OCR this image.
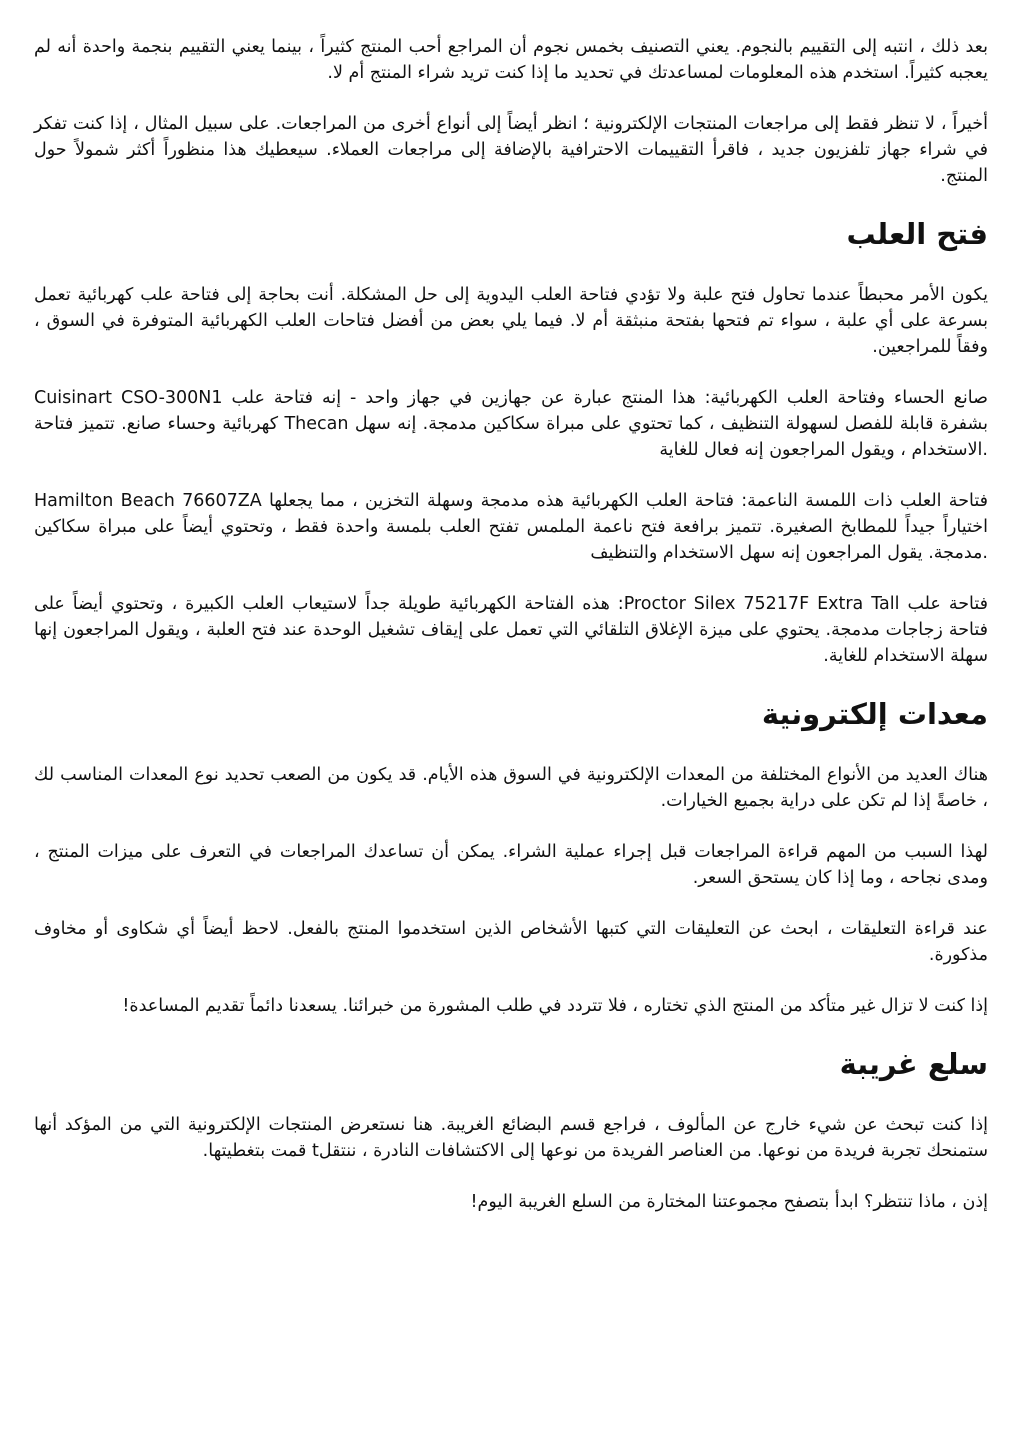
بعد ذلك ، انتبه إلى التقييم بالنجوم. يعني التصنيف بخمس نجوم أن المراجع أحب المنتج كثيراً ، بينما يعني التقييم بنجمة واحدة أنه لم يعجبه كثيراً. استخدم هذه المعلومات لمساعدتك في تحديد ما إذا كنت تريد شراء المنتج أم لا.

أخيراً ، لا تنظر فقط إلى مراجعات المنتجات الإلكترونية ؛ انظر أيضاً إلى أنواع أخرى من المراجعات. على سبيل المثال ، إذا كنت تفكر في شراء جهاز تلفزيون جديد ، فاقرأ التقييمات الاحترافية بالإضافة إلى مراجعات العملاء. سيعطيك هذا منظوراً أكثر شمولاً حول المنتج.

فتح العلب

يكون الأمر محبطاً عندما تحاول فتح علبة ولا تؤدي فتاحة العلب اليدوية إلى حل المشكلة. أنت بحاجة إلى فتاحة علب كهربائية تعمل بسرعة على أي علبة ، سواء تم فتحها بفتحة منبثقة أم لا. فيما يلي بعض من أفضل فتاحات العلب الكهربائية المتوفرة في السوق ، وفقاً للمراجعين.

Cuisinart CSO-300N1 صانع الحساء وفتاحة العلب الكهربائية: هذا المنتج عبارة عن جهازين في جهاز واحد - إنه فتاحة علب كهربائية وحساء صانع. تتميز فتاحة Thecan بشفرة قابلة للفصل لسهولة التنظيف ، كما تحتوي على مبراة سكاكين مدمجة. إنه سهل الاستخدام ، ويقول المراجعون إنه فعال للغاية.

Hamilton Beach 76607ZA فتاحة العلب ذات اللمسة الناعمة: فتاحة العلب الكهربائية هذه مدمجة وسهلة التخزين ، مما يجعلها اختياراً جيداً للمطابخ الصغيرة. تتميز برافعة فتح ناعمة الملمس تفتح العلب بلمسة واحدة فقط ، وتحتوي أيضاً على مبراة سكاكين مدمجة. يقول المراجعون إنه سهل الاستخدام والتنظيف.

فتاحة علب Proctor Silex 75217F Extra Tall: هذه الفتاحة الكهربائية طويلة جداً لاستيعاب العلب الكبيرة ، وتحتوي أيضاً على فتاحة زجاجات مدمجة. يحتوي على ميزة الإغلاق التلقائي التي تعمل على إيقاف تشغيل الوحدة عند فتح العلبة ، ويقول المراجعون إنها سهلة الاستخدام للغاية.

معدات إلكترونية

هناك العديد من الأنواع المختلفة من المعدات الإلكترونية في السوق هذه الأيام. قد يكون من الصعب تحديد نوع المعدات المناسب لك ، خاصةً إذا لم تكن على دراية بجميع الخيارات.

لهذا السبب من المهم قراءة المراجعات قبل إجراء عملية الشراء. يمكن أن تساعدك المراجعات في التعرف على ميزات المنتج ، ومدى نجاحه ، وما إذا كان يستحق السعر.

عند قراءة التعليقات ، ابحث عن التعليقات التي كتبها الأشخاص الذين استخدموا المنتج بالفعل. لاحظ أيضاً أي شكاوى أو مخاوف مذكورة.

إذا كنت لا تزال غير متأكد من المنتج الذي تختاره ، فلا تتردد في طلب المشورة من خبرائنا. يسعدنا دائماً تقديم المساعدة!

سلع غريبة

إذا كنت تبحث عن شيء خارج عن المألوف ، فراجع قسم البضائع الغريبة. هنا نستعرض المنتجات الإلكترونية التي من المؤكد أنها ستمنحك تجربة فريدة من نوعها. من العناصر الفريدة من نوعها إلى الاكتشافات النادرة ، ننتقلt قمت بتغطيتها.

إذن ، ماذا تنتظر؟ ابدأ بتصفح مجموعتنا المختارة من السلع الغريبة اليوم!
